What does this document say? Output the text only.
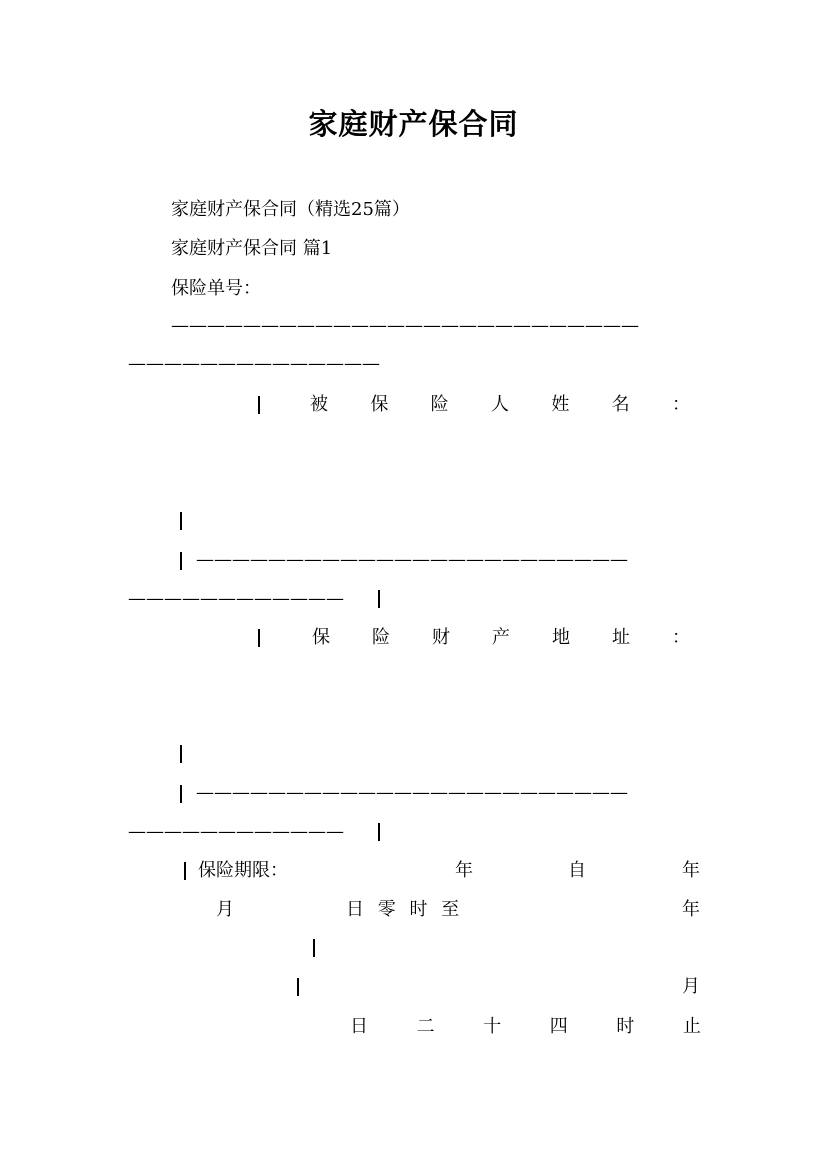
家庭财产保合同
家庭财产保合同（精选25篇）
家庭财产保合同 篇1
保险单号：
——————————————————————————
——————————————
被 保 险 人 姓 名 ：
————————————————————————
————————————
保 险 财 产 地 址 ：
————————————————————————
————————————
保险期限：	年	自	年
月	日 零 时 至	年
月
日	二	十	四	时	止
